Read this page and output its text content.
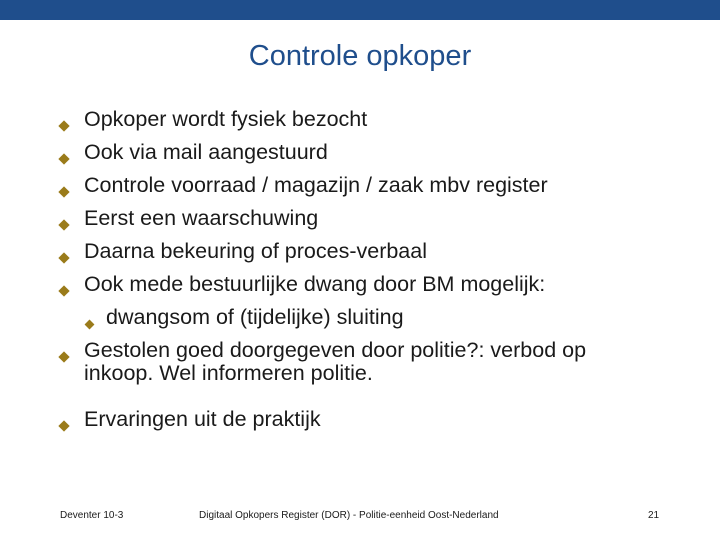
Controle opkoper
Opkoper wordt fysiek bezocht
Ook via mail aangestuurd
Controle voorraad / magazijn / zaak mbv register
Eerst een waarschuwing
Daarna bekeuring of proces-verbaal
Ook mede bestuurlijke dwang door BM mogelijk:
dwangsom of (tijdelijke) sluiting
Gestolen goed doorgegeven door politie?: verbod op
inkoop. Wel informeren politie.
Ervaringen uit de praktijk
Deventer 10-3	Digitaal Opkopers Register (DOR) - Politie-eenheid Oost-Nederland	21
